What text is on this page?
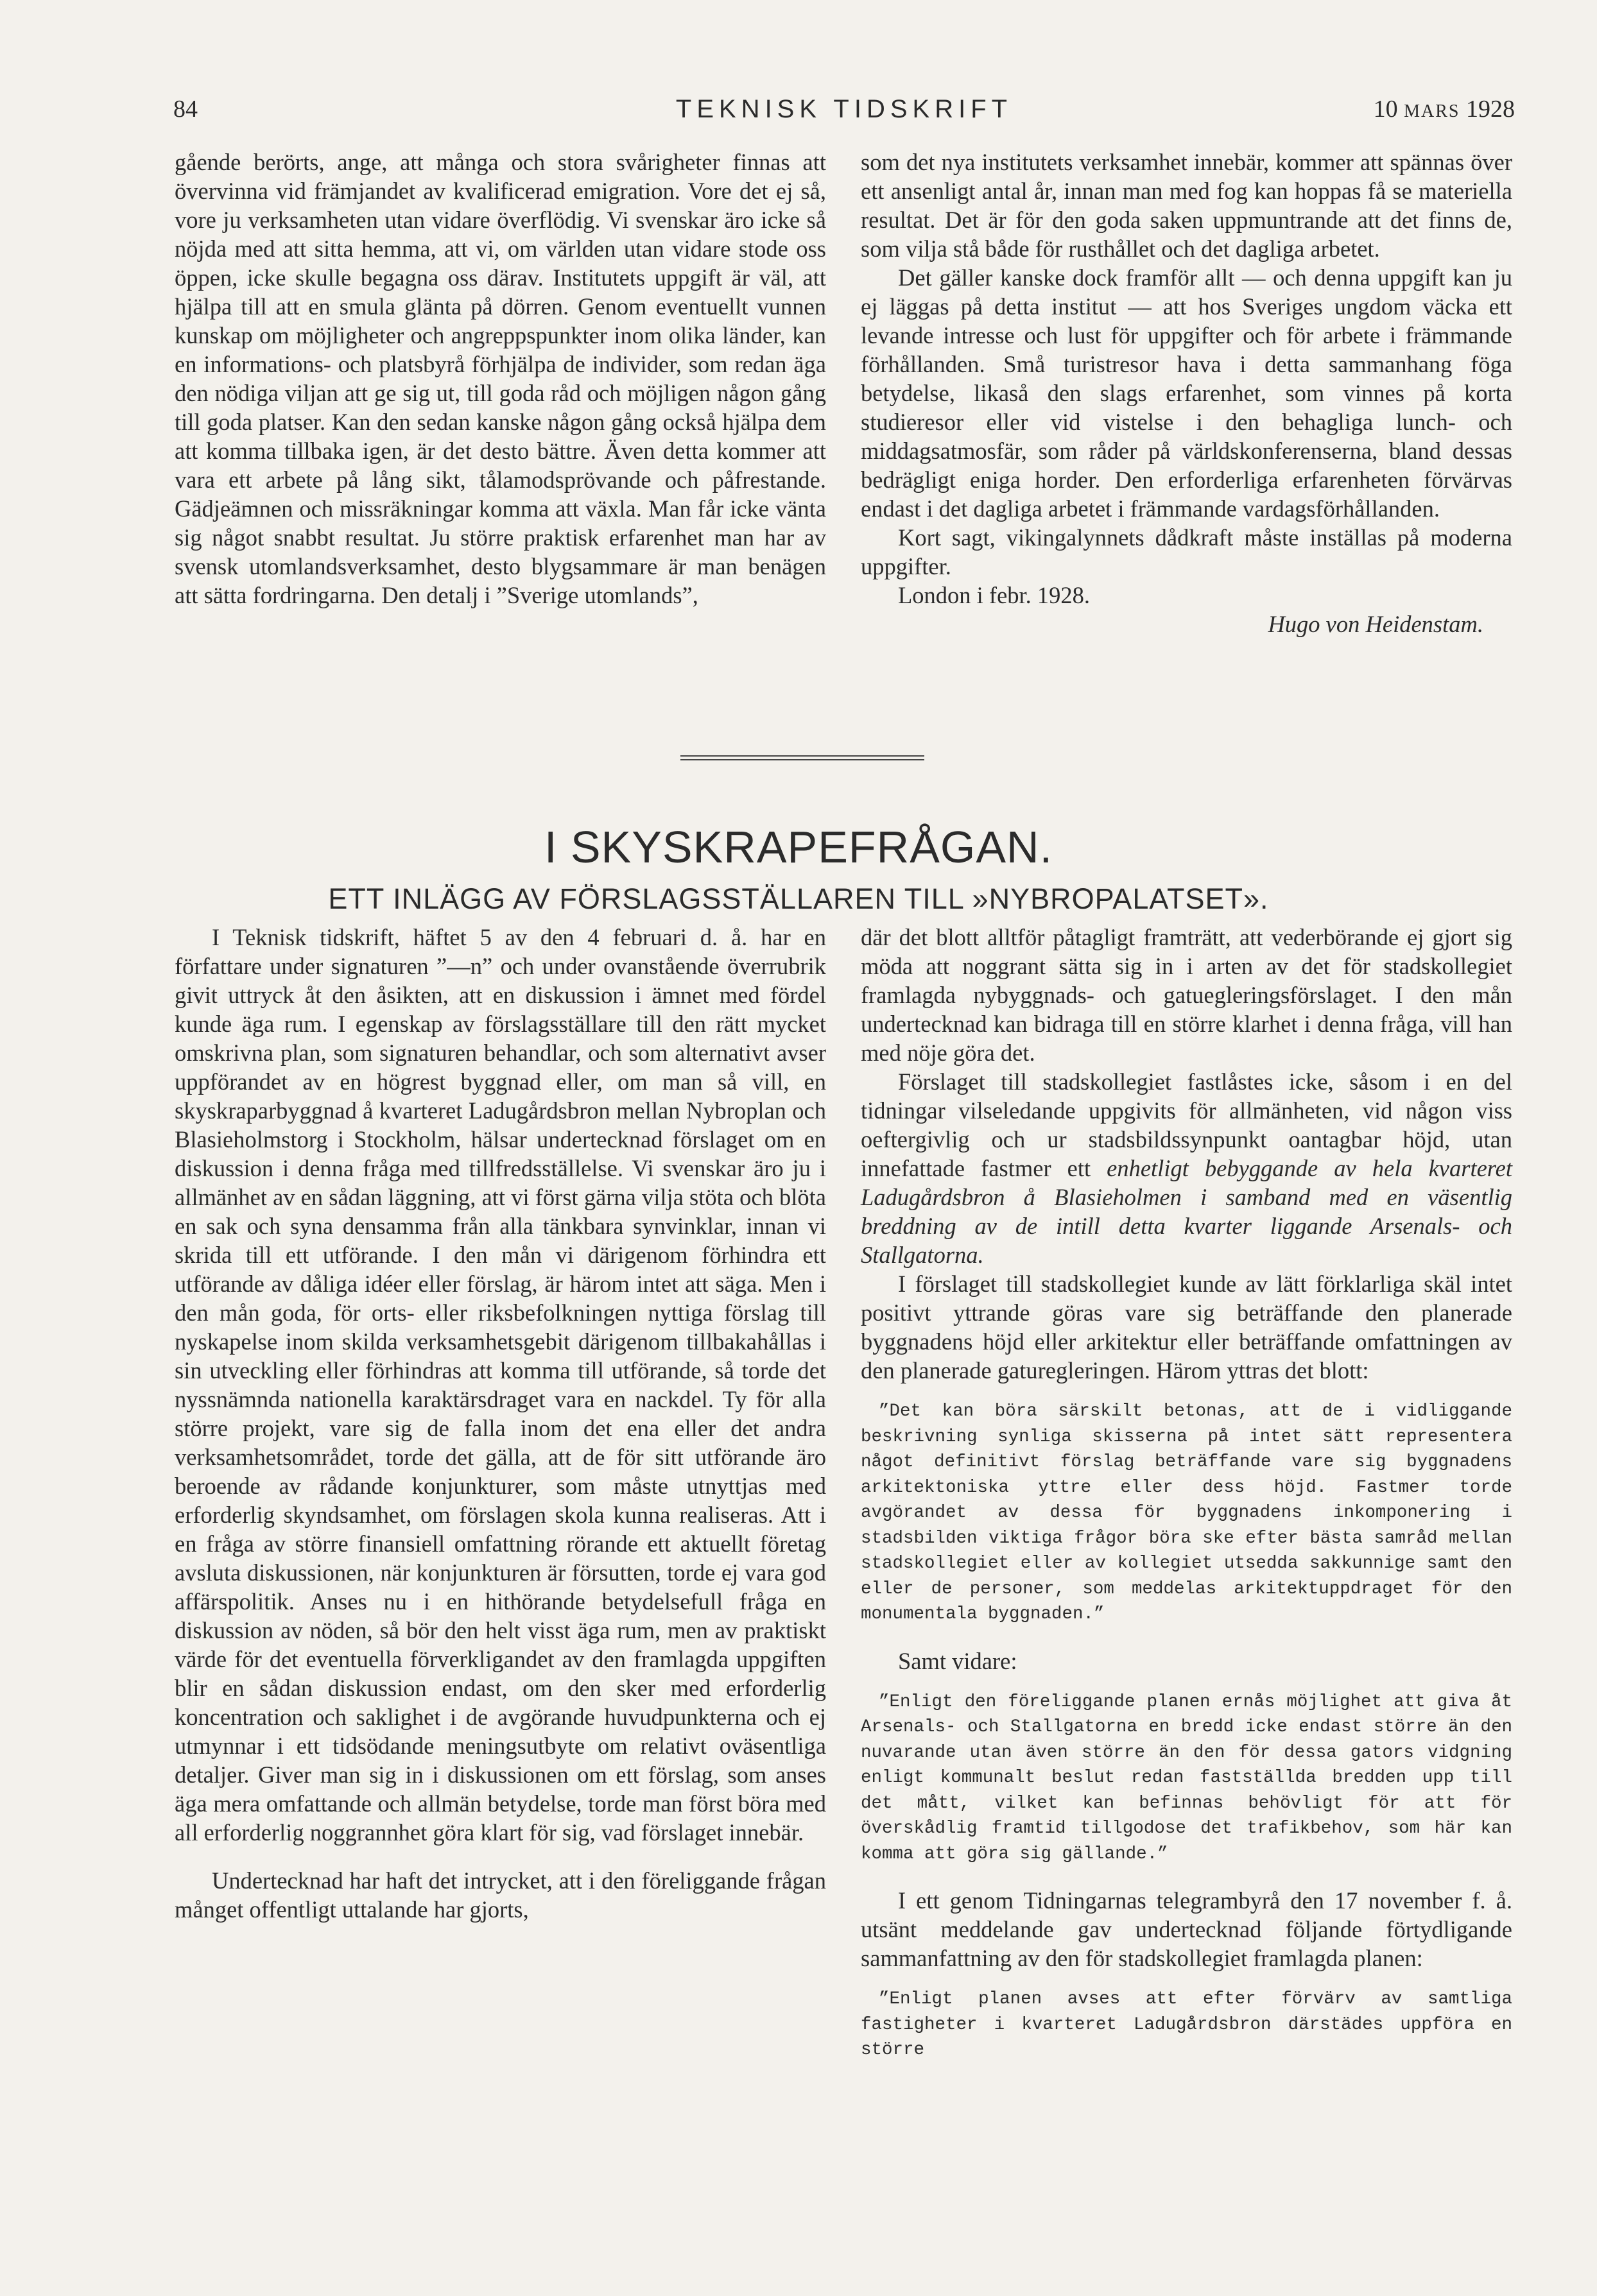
84	TEKNISK TIDSKRIFT	10 MARS 1928

gående berörts, ange, att många och stora svårigheter finnas att övervinna vid främjandet av kvalificerad emigration. Vore det ej så, vore ju verksamheten utan vidare överflödig. Vi svenskar äro icke så nöjda med att sitta hemma, att vi, om världen utan vidare stode oss öppen, icke skulle begagna oss därav. Institutets uppgift är väl, att hjälpa till att en smula glänta på dörren. Genom eventuellt vunnen kunskap om möjligheter och angreppspunkter inom olika länder, kan en informations- och platsbyrå förhjälpa de individer, som redan äga den nödiga viljan att ge sig ut, till goda råd och möjligen någon gång till goda platser. Kan den sedan kanske någon gång också hjälpa dem att komma tillbaka igen, är det desto bättre. Även detta kommer att vara ett arbete på lång sikt, tålamodsprövande och påfrestande. Gädjeämnen och missräkningar komma att växla. Man får icke vänta sig något snabbt resultat. Ju större praktisk erfarenhet man har av svensk utomlandsverksamhet, desto blygsammare är man benägen att sätta fordringarna. Den detalj i ”Sverige utomlands”,

som det nya institutets verksamhet innebär, kommer att spännas över ett ansenligt antal år, innan man med fog kan hoppas få se materiella resultat. Det är för den goda saken uppmuntrande att det finns de, som vilja stå både för rusthållet och det dagliga arbetet.

Det gäller kanske dock framför allt — och denna uppgift kan ju ej läggas på detta institut — att hos Sveriges ungdom väcka ett levande intresse och lust för uppgifter och för arbete i främmande förhållanden. Små turistresor hava i detta sammanhang föga betydelse, likaså den slags erfarenhet, som vinnes på korta studieresor eller vid vistelse i den behagliga lunch- och middagsatmosfär, som råder på världskonferenserna, bland dessas bedrägligt eniga horder. Den erforderliga erfarenheten förvärvas endast i det dagliga arbetet i främmande vardagsförhållanden.

Kort sagt, vikingalynnets dådkraft måste inställas på moderna uppgifter.

London i febr. 1928.

Hugo von Heidenstam.

I SKYSKRAPEFRÅGAN.
ETT INLÄGG AV FÖRSLAGSSTÄLLAREN TILL »NYBROPALATSET».

I Teknisk tidskrift, häftet 5 av den 4 februari d. å. har en författare under signaturen ”—n” och under ovanstående överrubrik givit uttryck åt den åsikten, att en diskussion i ämnet med fördel kunde äga rum. I egenskap av förslagsställare till den rätt mycket omskrivna plan, som signaturen behandlar, och som alternativt avser uppförandet av en högrest byggnad eller, om man så vill, en skyskraparbyggnad å kvarteret Ladugårdsbron mellan Nybroplan och Blasieholmstorg i Stockholm, hälsar undertecknad förslaget om en diskussion i denna fråga med tillfredsställelse. Vi svenskar äro ju i allmänhet av en sådan läggning, att vi först gärna vilja stöta och blöta en sak och syna densamma från alla tänkbara synvinklar, innan vi skrida till ett utförande. I den mån vi därigenom förhindra ett utförande av dåliga idéer eller förslag, är härom intet att säga. Men i den mån goda, för orts- eller riksbefolkningen nyttiga förslag till nyskapelse inom skilda verksamhetsgebit därigenom tillbakahållas i sin utveckling eller förhindras att komma till utförande, så torde det nyssnämnda nationella karaktärsdraget vara en nackdel. Ty för alla större projekt, vare sig de falla inom det ena eller det andra verksamhetsområdet, torde det gälla, att de för sitt utförande äro beroende av rådande konjunkturer, som måste utnyttjas med erforderlig skyndsamhet, om förslagen skola kunna realiseras. Att i en fråga av större finansiell omfattning rörande ett aktuellt företag avsluta diskussionen, när konjunkturen är försutten, torde ej vara god affärspolitik. Anses nu i en hithörande betydelsefull fråga en diskussion av nöden, så bör den helt visst äga rum, men av praktiskt värde för det eventuella förverkligandet av den framlagda uppgiften blir en sådan diskussion endast, om den sker med erforderlig koncentration och saklighet i de avgörande huvudpunkterna och ej utmynnar i ett tidsödande meningsutbyte om relativt oväsentliga detaljer. Giver man sig in i diskussionen om ett förslag, som anses äga mera omfattande och allmän betydelse, torde man först böra med all erforderlig noggrannhet göra klart för sig, vad förslaget innebär.

Undertecknad har haft det intrycket, att i den föreliggande frågan månget offentligt uttalande har gjorts,

där det blott alltför påtagligt framträtt, att vederbörande ej gjort sig möda att noggrant sätta sig in i arten av det för stadskollegiet framlagda nybyggnads- och gatuegleringsförslaget. I den mån undertecknad kan bidraga till en större klarhet i denna fråga, vill han med nöje göra det.

Förslaget till stadskollegiet fastlåstes icke, såsom i en del tidningar vilseledande uppgivits för allmänheten, vid någon viss oeftergivlig och ur stadsbildssynpunkt oantagbar höjd, utan innefattade fastmer ett enhetligt bebyggande av hela kvarteret Ladugårdsbron å Blasieholmen i samband med en väsentlig breddning av de intill detta kvarter liggande Arsenals- och Stallgatorna.

I förslaget till stadskollegiet kunde av lätt förklarliga skäl intet positivt yttrande göras vare sig beträffande den planerade byggnadens höjd eller arkitektur eller beträffande omfattningen av den planerade gaturegleringen. Härom yttras det blott:

”Det kan böra särskilt betonas, att de i vidliggande beskrivning synliga skisserna på intet sätt representera något definitivt förslag beträffande vare sig byggnadens arkitektoniska yttre eller dess höjd. Fastmer torde avgörandet av dessa för byggnadens inkomponering i stadsbilden viktiga frågor böra ske efter bästa samråd mellan stadskollegiet eller av kollegiet utseddа sakkunnige samt den eller de personer, som meddelas arkitektuppdraget för den monumentala byggnaden.”

Samt vidare:

”Enligt den föreliggande planen ernås möjlighet att giva åt Arsenals- och Stallgatorna en bredd icke endast större än den nuvarande utan även större än den för dessa gators vidgning enligt kommunalt beslut redan fastställda bredden upp till det mått, vilket kan befinnas behövligt för att för överskådlig framtid tillgodose det trafikbehov, som här kan komma att göra sig gällande.”

I ett genom Tidningarnas telegrambyrå den 17 november f. å. utsänt meddelande gav undertecknad följande förtydligande sammanfattning av den för stadskollegiet framlagda planen:

”Enligt planen avses att efter förvärv av samtliga fastigheter i kvarteret Ladugårdsbron därstädes uppföra en större
